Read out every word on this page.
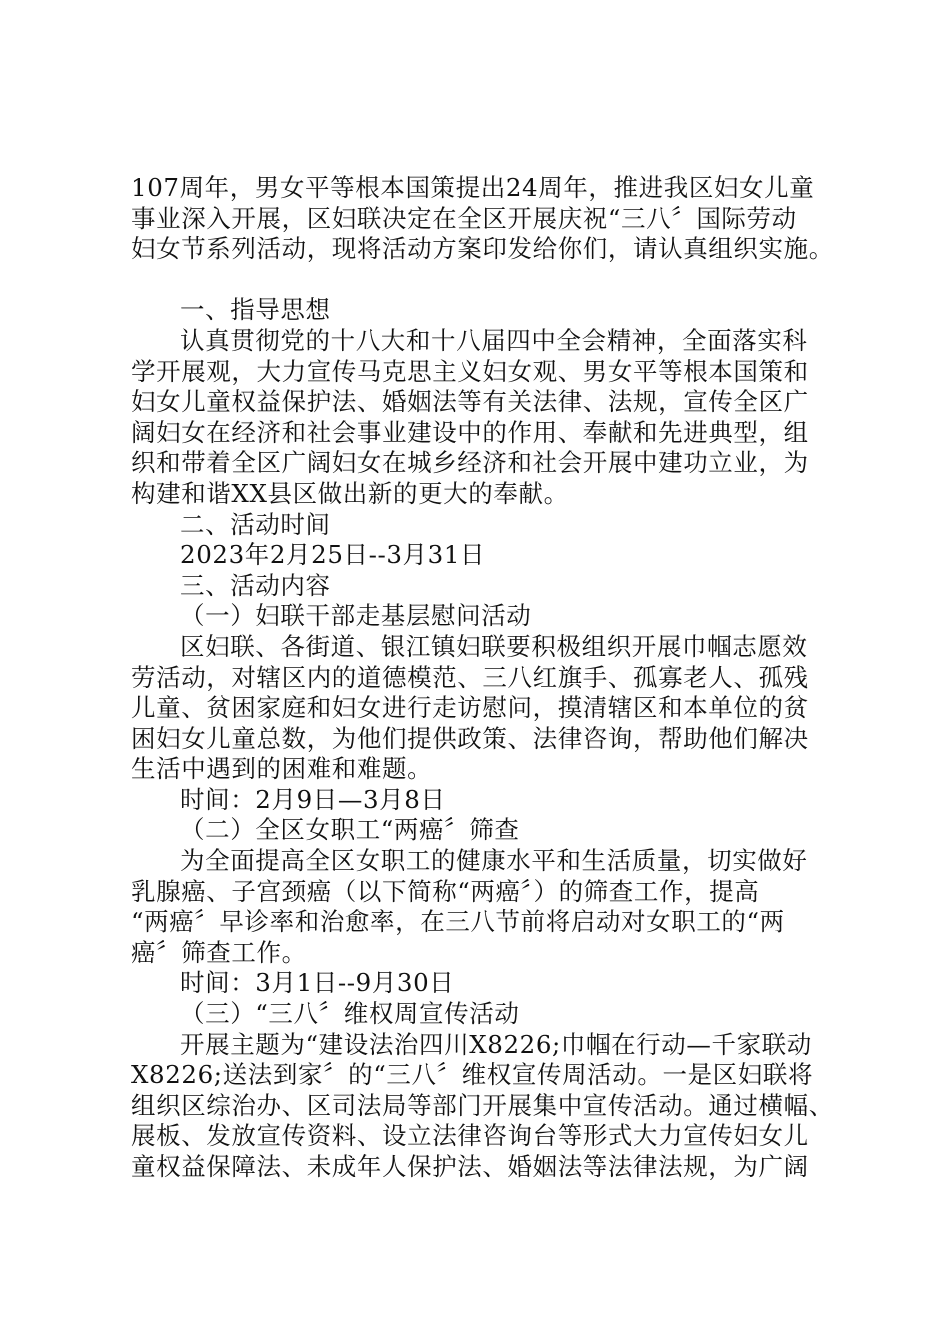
107周年，男女平等根本国策提出24周年，推进我区妇女儿童

事业深入开展，区妇联决定在全区开展庆祝“三八〞国际劳动

妇女节系列活动，现将活动方案印发给你们，请认真组织实施。

一、指导思想

认真贯彻党的十八大和十八届四中全会精神，全面落实科

学开展观，大力宣传马克思主义妇女观、男女平等根本国策和

妇女儿童权益保护法、婚姻法等有关法律、法规，宣传全区广

阔妇女在经济和社会事业建设中的作用、奉献和先进典型，组

织和带着全区广阔妇女在城乡经济和社会开展中建功立业，为

构建和谐XX县区做出新的更大的奉献。

二、活动时间

2023年2月25日--3月31日

三、活动内容

（一）妇联干部走基层慰问活动

区妇联、各街道、银江镇妇联要积极组织开展巾帼志愿效

劳活动，对辖区内的道德模范、三八红旗手、孤寡老人、孤残

儿童、贫困家庭和妇女进行走访慰问，摸清辖区和本单位的贫

困妇女儿童总数，为他们提供政策、法律咨询，帮助他们解决

生活中遇到的困难和难题。

时间：2月9日—3月8日

（二）全区女职工“两癌〞筛查

为全面提高全区女职工的健康水平和生活质量，切实做好

乳腺癌、子宫颈癌（以下简称“两癌〞）的筛查工作，提高

“两癌〞早诊率和治愈率，在三八节前将启动对女职工的“两

癌〞筛查工作。

时间：3月1日--9月30日

（三）“三八〞维权周宣传活动

开展主题为“建设法治四川X8226;巾帼在行动—千家联动

X8226;送法到家〞的“三八〞维权宣传周活动。一是区妇联将

组织区综治办、区司法局等部门开展集中宣传活动。通过横幅、

展板、发放宣传资料、设立法律咨询台等形式大力宣传妇女儿

童权益保障法、未成年人保护法、婚姻法等法律法规，为广阔
